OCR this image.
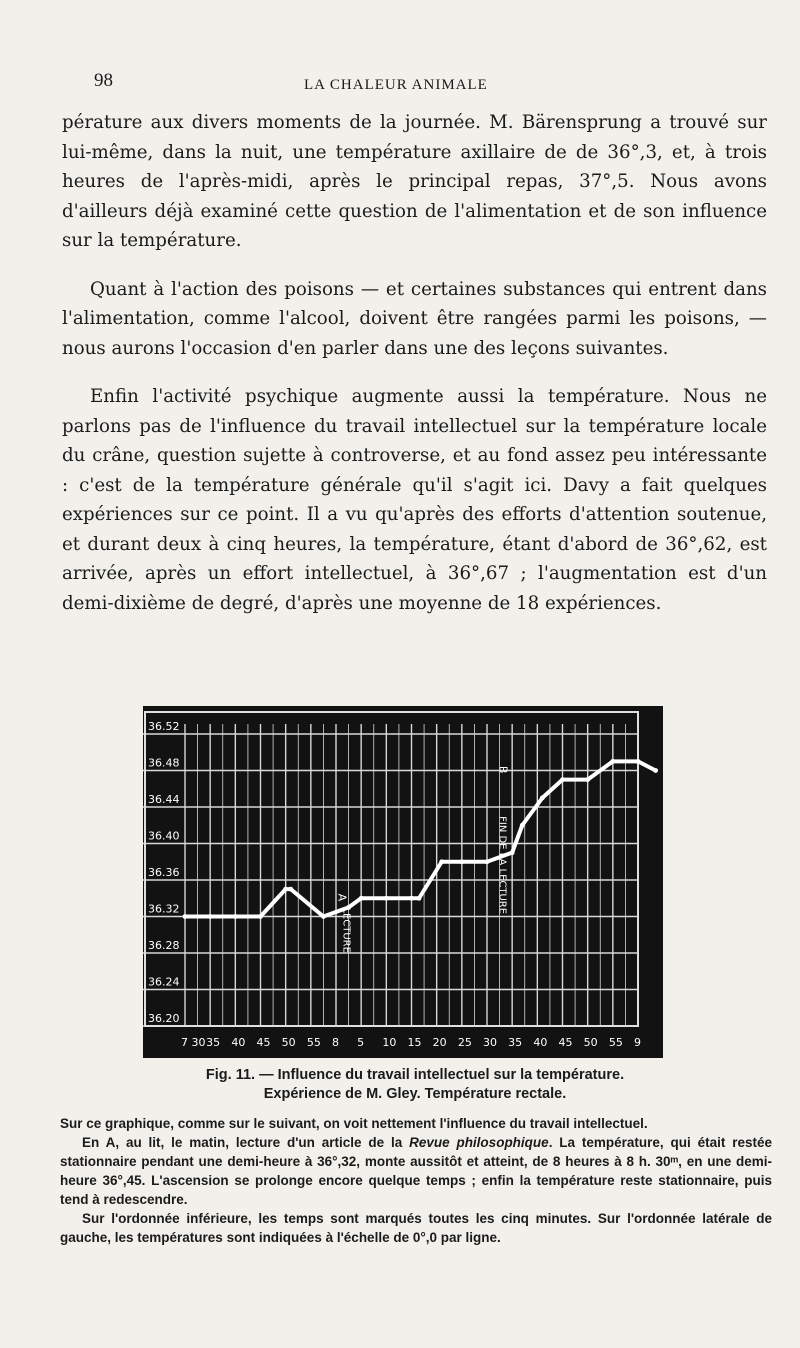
98	LA CHALEUR ANIMALE

pérature aux divers moments de la journée. M. Bärensprung a trouvé sur lui-même, dans la nuit, une température axillaire de de 36°,3, et, à trois heures de l'après-midi, après le principal repas, 37°,5. Nous avons d'ailleurs déjà examiné cette question de l'alimentation et de son influence sur la température.

Quant à l'action des poisons — et certaines substances qui entrent dans l'alimentation, comme l'alcool, doivent être rangées parmi les poisons, — nous aurons l'occasion d'en parler dans une des leçons suivantes.

Enfin l'activité psychique augmente aussi la température. Nous ne parlons pas de l'influence du travail intellectuel sur la température locale du crâne, question sujette à controverse, et au fond assez peu intéressante : c'est de la température générale qu'il s'agit ici. Davy a fait quelques expériences sur ce point. Il a vu qu'après des efforts d'attention soutenue, et durant deux à cinq heures, la température, étant d'abord de 36°,62, est arrivée, après un effort intellectuel, à 36°,67 ; l'augmentation est d'un demi-dixième de degré, d'après une moyenne de 18 expériences.

36.52
36.48
36.44
36.40
36.36
36.32
36.28
36.24
36.20
7 30 35 40 45 50 55 8 5 10 15 20 25 30 35 40 45 50 55 9
A
LECTURE
FIN DE LA LECTURE
B
Fig. 11. — Influence du travail intellectuel sur la température.
Expérience de M. Gley. Température rectale.

Sur ce graphique, comme sur le suivant, on voit nettement l'influence du travail intellectuel.

En A, au lit, le matin, lecture d'un article de la Revue philosophique. La température, qui était restée stationnaire pendant une demi-heure à 36°,32, monte aussitôt et atteint, de 8 heures à 8 h. 30ᵐ, en une demi-heure 36°,45. L'ascension se prolonge encore quelque temps ; enfin la température reste stationnaire, puis tend à redescendre.

Sur l'ordonnée inférieure, les temps sont marqués toutes les cinq minutes. Sur l'ordonnée latérale de gauche, les températures sont indiquées à l'échelle de 0°,0 par ligne.
